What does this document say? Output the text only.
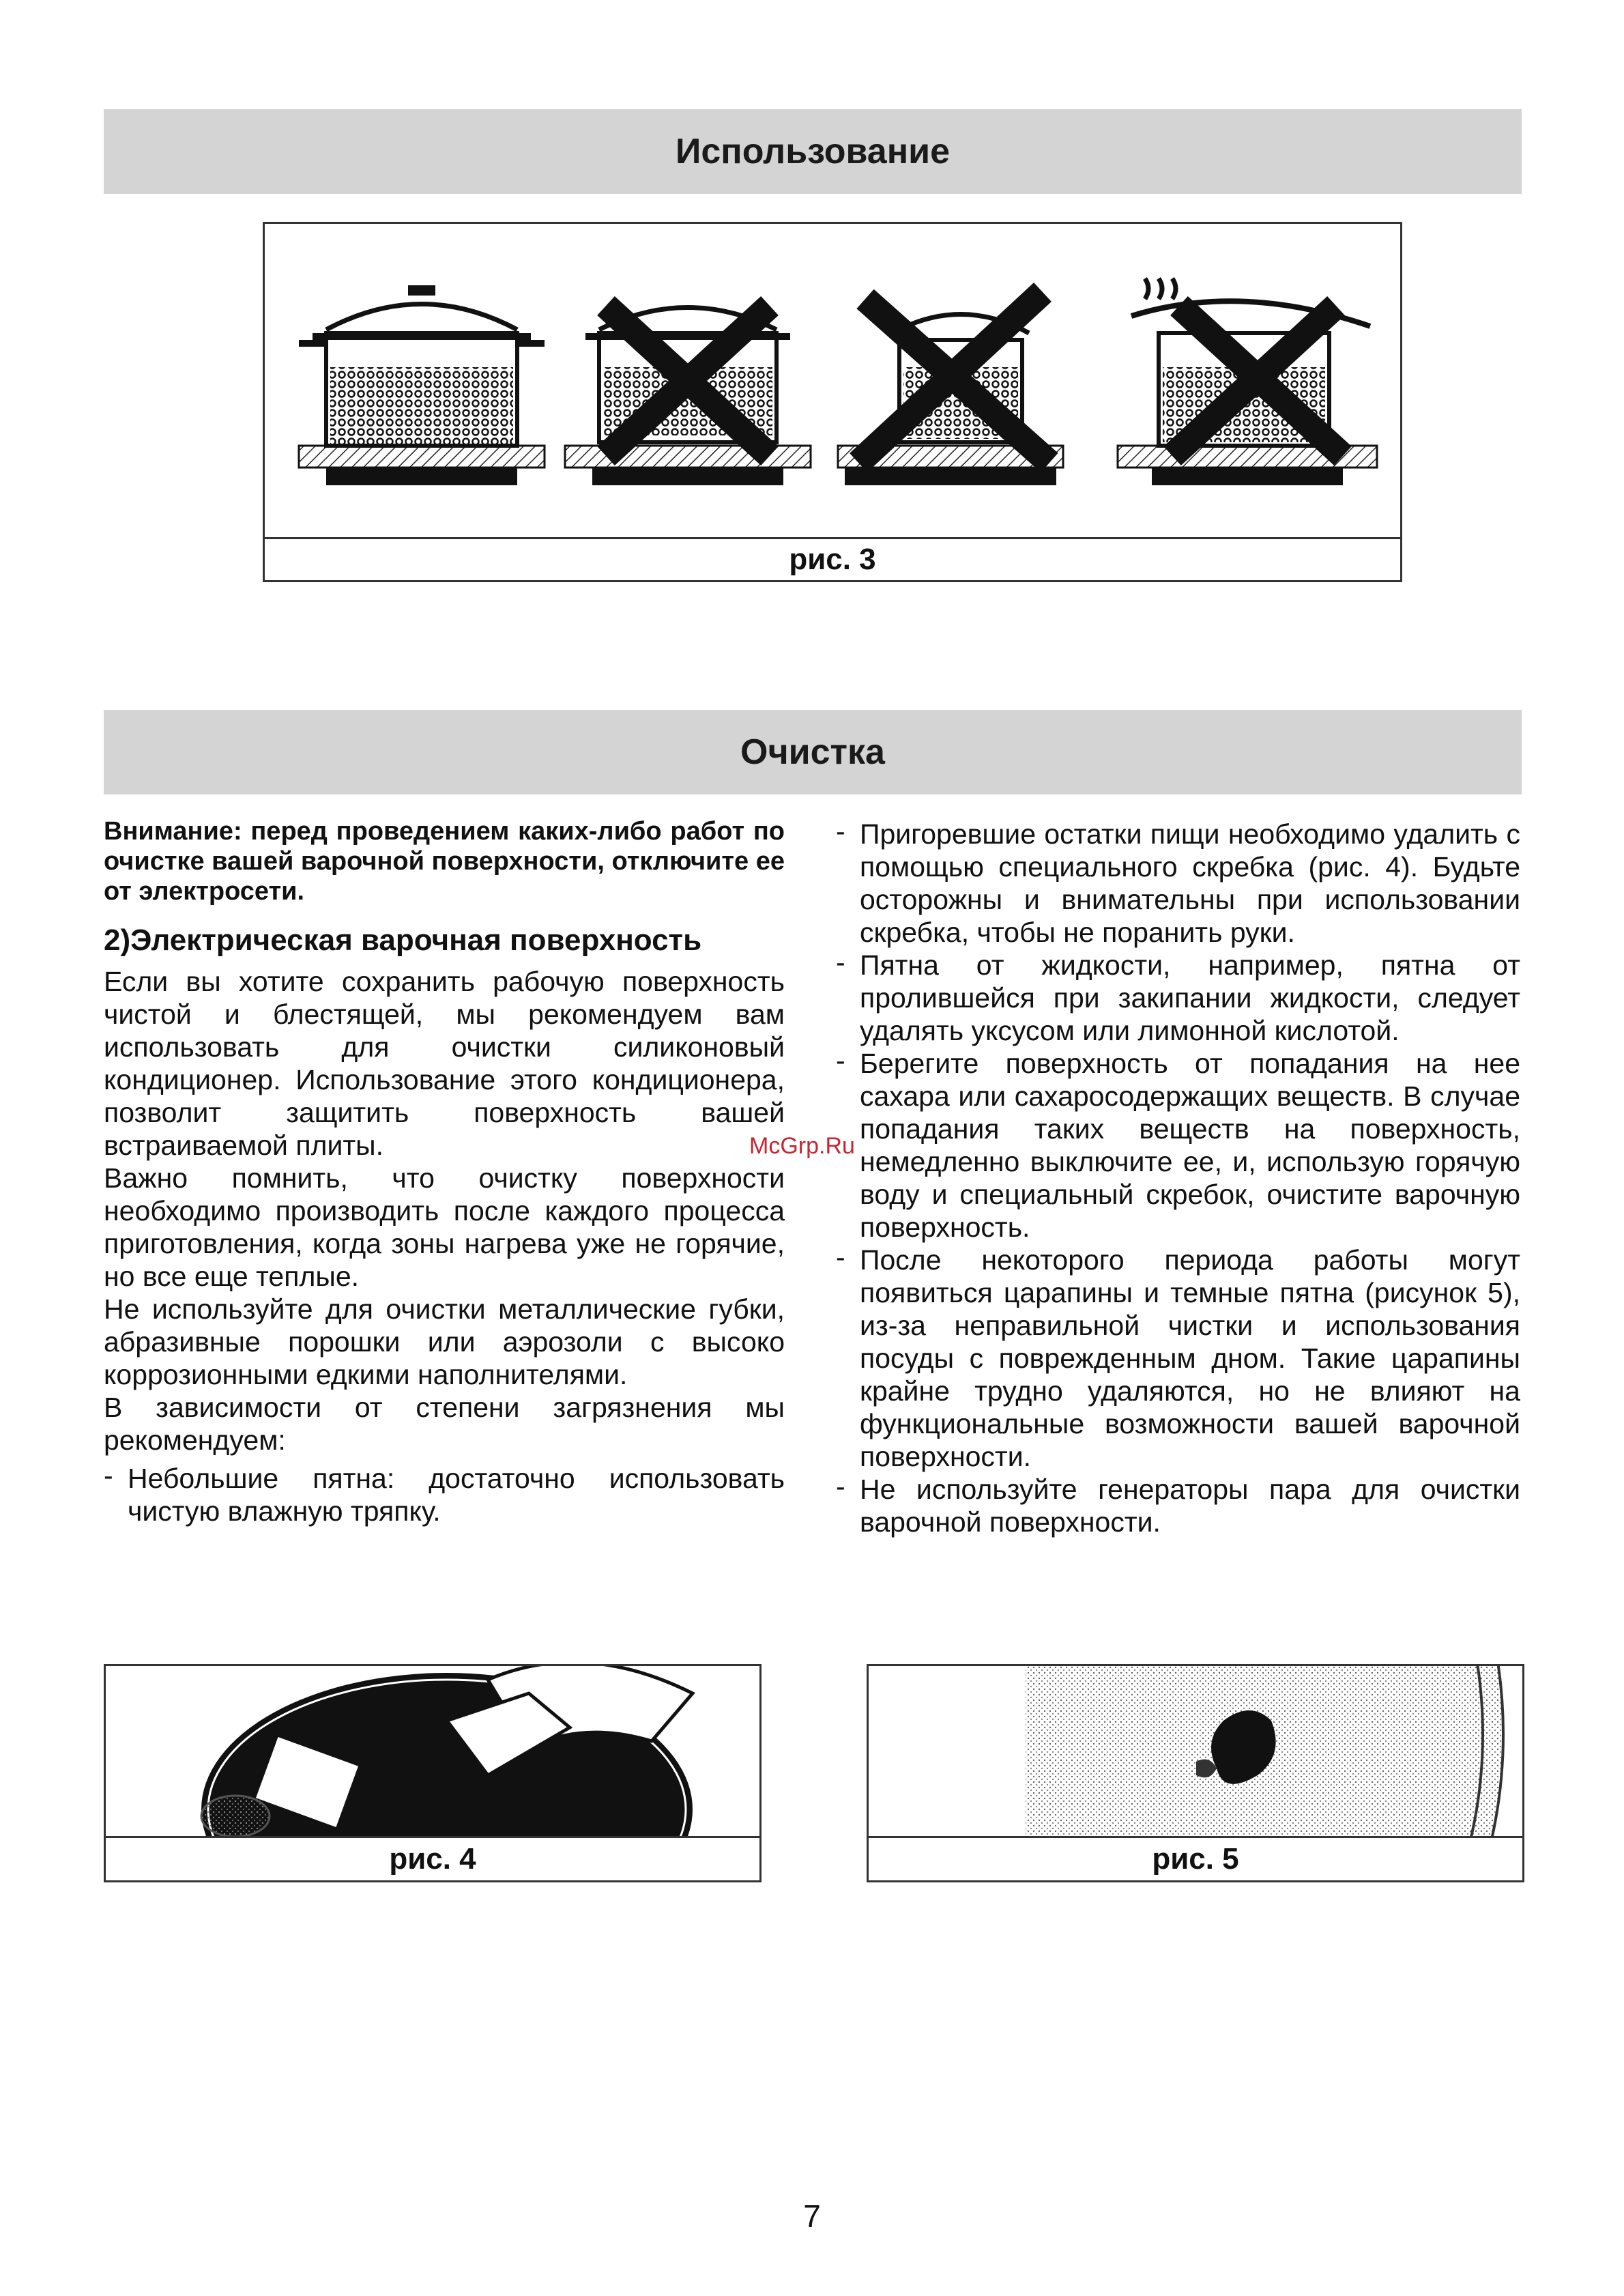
Использование
рис. 3
Очистка

Внимание: перед проведением каких-либо работ по очистке вашей варочной поверхности, отключите ее от электросети.

2)Электрическая варочная поверхность

Если вы хотите сохранить рабочую поверхность чистой и блестящей, мы рекомендуем вам использовать для очистки силиконовый кондиционер. Использование этого кондиционера, позволит защитить поверхность вашей встраиваемой плиты.

Важно помнить, что очистку поверхности необходимо производить после каждого процесса приготовления, когда зоны нагрева уже не горячие, но все еще теплые.

Не используйте для очистки металлические губки, абразивные порошки или аэрозоли с высоко коррозионными едкими наполнителями.

В зависимости от степени загрязнения мы рекомендуем:

- Небольшие пятна: достаточно использовать чистую влажную тряпку.

- Пригоревшие остатки пищи необходимо удалить с помощью специального скребка (рис. 4). Будьте осторожны и внимательны при использовании скребка, чтобы не поранить руки.

- Пятна от жидкости, например, пятна от пролившейся при закипании жидкости, следует удалять уксусом или лимонной кислотой.

- Берегите поверхность от попадания на нее сахара или сахаросодержащих веществ. В случае попадания таких веществ на поверхность, немедленно выключите ее, и, использую горячую воду и специальный скребок, очистите варочную поверхность.

- После некоторого периода работы могут появиться царапины и темные пятна (рисунок 5), из-за неправильной чистки и использования посуды с поврежденным дном. Такие царапины крайне трудно удаляются, но не влияют на функциональные возможности вашей варочной поверхности.

- Не используйте генераторы пара для очистки варочной поверхности.

McGrp.Ru
рис. 4	рис. 5
7
